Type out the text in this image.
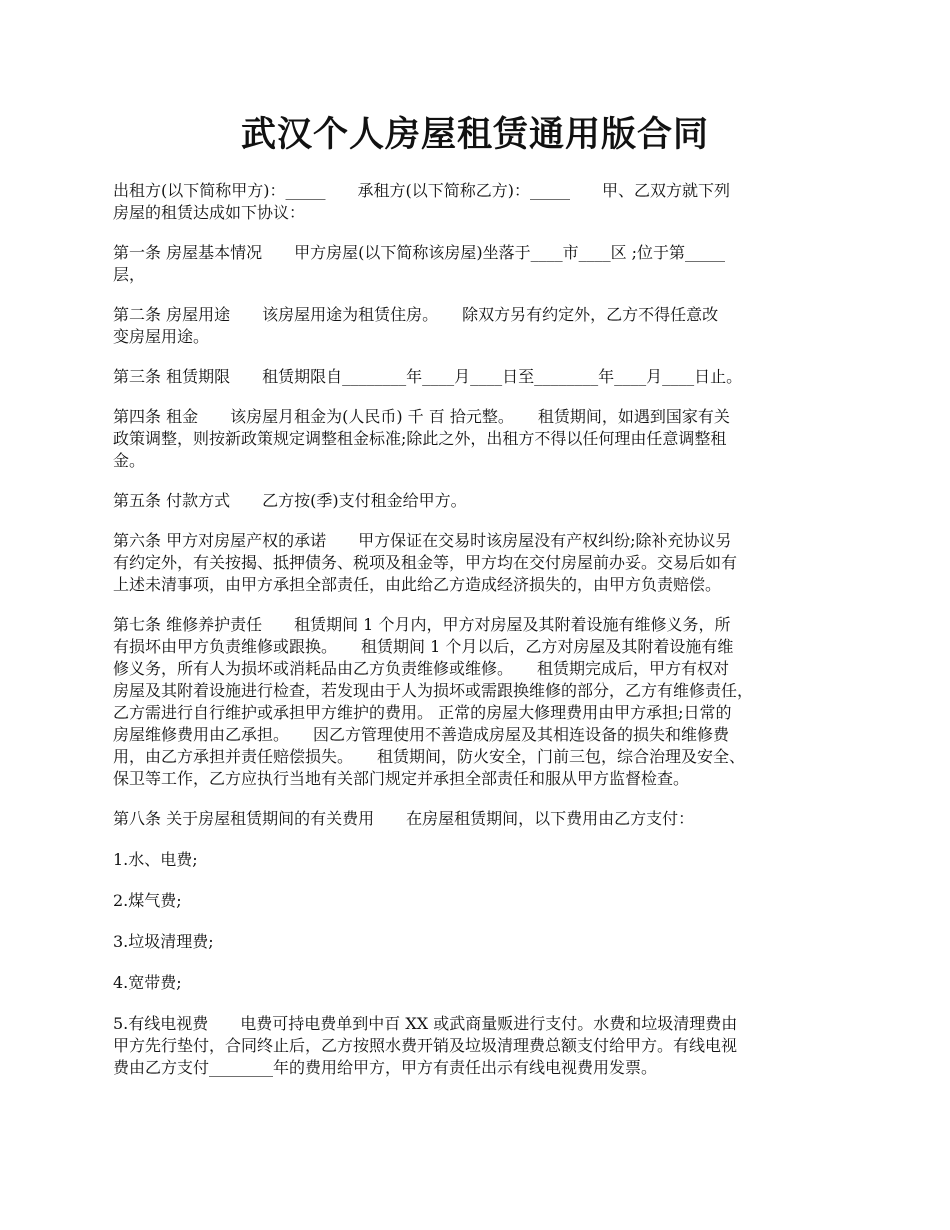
武汉个人房屋租赁通用版合同

出租方(以下简称甲方)：_____　　承租方(以下简称乙方)：_____　　甲、乙双方就下列
房屋的租赁达成如下协议：

第一条 房屋基本情况　　甲方房屋(以下简称该房屋)坐落于____市____区 ;位于第_____
层，

第二条 房屋用途　　该房屋用途为租赁住房。　　除双方另有约定外，乙方不得任意改
变房屋用途。

第三条 租赁期限　　租赁期限自________年____月____日至________年____月____日止。

第四条 租金　　该房屋月租金为(人民币) 千 百 拾元整。　　租赁期间，如遇到国家有关
政策调整，则按新政策规定调整租金标准;除此之外，出租方不得以任何理由任意调整租
金。

第五条 付款方式　　乙方按(季)支付租金给甲方。

第六条 甲方对房屋产权的承诺　　甲方保证在交易时该房屋没有产权纠纷;除补充协议另
有约定外，有关按揭、抵押债务、税项及租金等，甲方均在交付房屋前办妥。交易后如有
上述未清事项，由甲方承担全部责任，由此给乙方造成经济损失的，由甲方负责赔偿。

第七条 维修养护责任　　租赁期间 1 个月内，甲方对房屋及其附着设施有维修义务，所
有损坏由甲方负责维修或跟换。　　租赁期间 1 个月以后，乙方对房屋及其附着设施有维
修义务，所有人为损坏或消耗品由乙方负责维修或维修。　　租赁期完成后，甲方有权对
房屋及其附着设施进行检查，若发现由于人为损坏或需跟换维修的部分，乙方有维修责任，
乙方需进行自行维护或承担甲方维护的费用。 正常的房屋大修理费用由甲方承担;日常的
房屋维修费用由乙承担。　　因乙方管理使用不善造成房屋及其相连设备的损失和维修费
用，由乙方承担并责任赔偿损失。　　租赁期间，防火安全，门前三包，综合治理及安全、
保卫等工作，乙方应执行当地有关部门规定并承担全部责任和服从甲方监督检查。

第八条 关于房屋租赁期间的有关费用　　在房屋租赁期间，以下费用由乙方支付：

1.水、电费;

2.煤气费;

3.垃圾清理费;

4.宽带费;

5.有线电视费　　电费可持电费单到中百 XX 或武商量贩进行支付。水费和垃圾清理费由
甲方先行垫付，合同终止后，乙方按照水费开销及垃圾清理费总额支付给甲方。有线电视
费由乙方支付________年的费用给甲方，甲方有责任出示有线电视费用发票。
